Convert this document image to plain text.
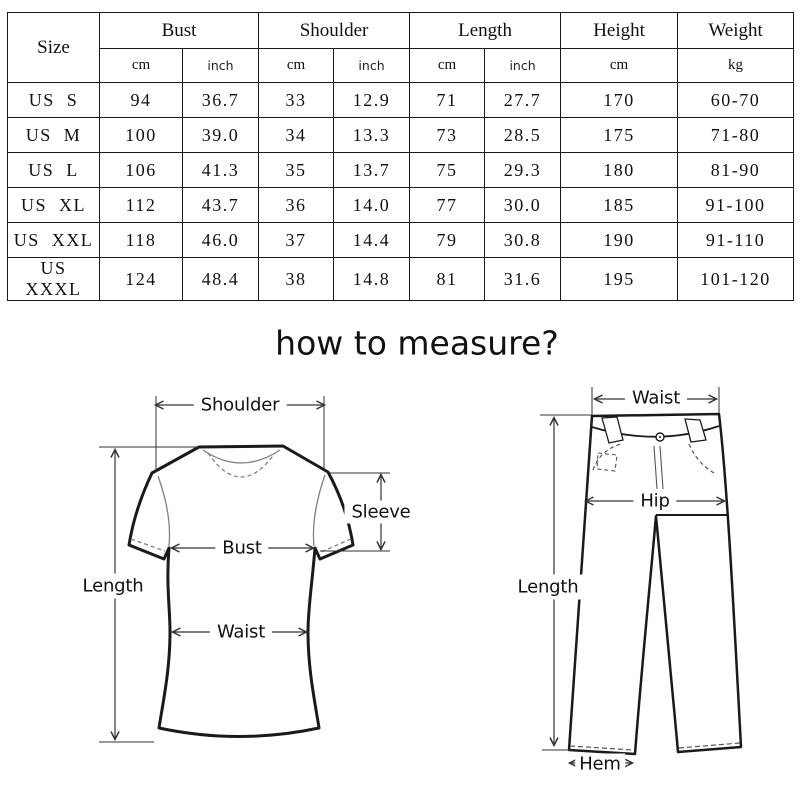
Size	Bust		Shoulder		Length		Height	Weight
	cm	inch	cm	inch	cm	inch	cm	kg
US S	94	36.7	33	12.9	71	27.7	170	60-70
US M	100	39.0	34	13.3	73	28.5	175	71-80
US L	106	41.3	35	13.7	75	29.3	180	81-90
US XL	112	43.7	36	14.0	77	30.0	185	91-100
US XXL	118	46.0	37	14.4	79	30.8	190	91-110
US XXXL	124	48.4	38	14.8	81	31.6	195	101-120
how to measure?
Shoulder
Sleeve
Bust
Waist
Length
Waist
Hip
Length
Hem
